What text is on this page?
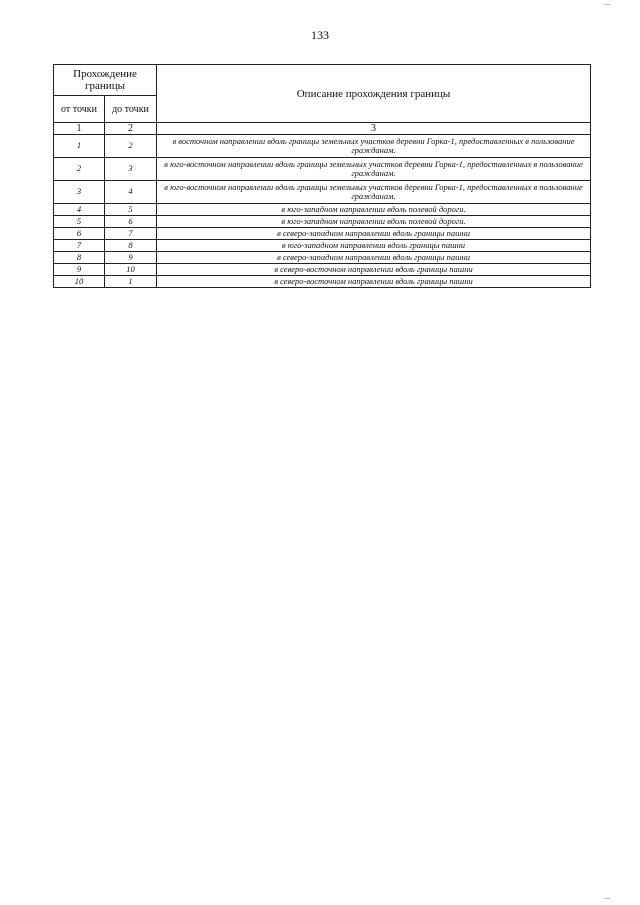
133
Прохождение границы		Описание прохождения границы
от точки	до точки	
1	2	3
1	2	в восточном направлении вдоль границы земельных участков деревни Горка-1, предоставленных в пользование гражданам.
2	3	в юго-восточном направлении вдоль границы земельных участков деревни Горка-1, предоставленных в пользование гражданам.
3	4	в юго-восточном направлении вдоль границы земельных участков деревни Горка-1, предоставленных в пользование гражданам.
4	5	в юго-западном направлении вдоль полевой дороги.
5	6	в юго-западном направлении вдоль полевой дороги.
6	7	в северо-западном направлении вдоль границы пашни
7	8	в юго-западном направлении вдоль границы пашни
8	9	в северо-западном направлении вдоль границы пашни
9	10	в северо-восточном направлении вдоль границы пашни
10	1	в северо-восточном направлении вдоль границы пашни
